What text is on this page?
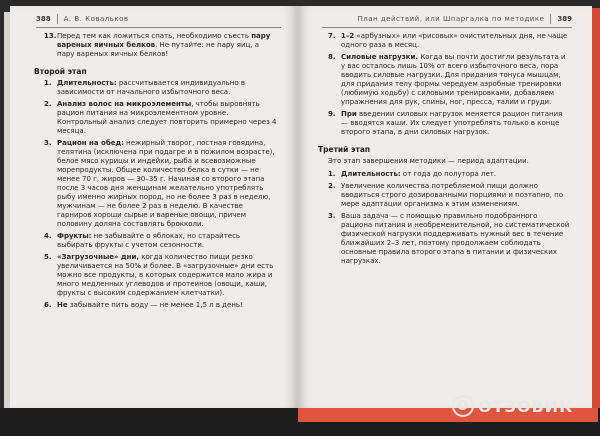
388 А. В. Ковальков
13. Перед тем как ложиться спать, необходимо съесть пару вареных яичных белков. Не путайте: не пару яиц, а пару вареных яичных белков!
Второй этап
1. Длительность: рассчитывается индивидуально в зависимости от начального избыточного веса.
2. Анализ волос на микроэлементы, чтобы выровнять рацион питания на микроэлементном уровне. Контрольный анализ следует повторить примерно через 4 месяца.
3. Рацион на обед: нежирный творог, постная говядина, телятина (исключена при подагре и в пожилом возрасте), белое мясо курицы и индейки, рыба и всевозможные морепродукты. Общее количество белка в сутки — не менее 70 г, жиров — 30–35 г. Начиная со второго этапа после 3 часов дня женщинам желательно употреблять рыбу именно жирных пород, но не более 3 раз в неделю, мужчинам — не более 2 раз в неделю. В качестве гарниров хороши сырые и вареные овощи, причем половину доляна составлять брокколи.
4. Фрукты: не забывайте о яблоках, но старайтесь выбирать фрукты с учетом сезонности.
5. «Загрузочные» дни, когда количество пищи резко увеличивается на 50% и более. В «загрузочные» дни есть можно все продукты, в которых содержится мало жира и много медленных углеводов и протеинов (овощи, каши, фрукты с высоким содержанием клетчатки).
6. Не забывайте пить воду — не менее 1,5 л в день!
План действий, или Шпаргалка по методике 389
7. 1–2 «арбузных» или «рисовых» очистительных дня, не чаще одного раза в месяц.
8. Силовые нагрузки. Когда вы почти достигли результата и у вас осталось лишь 10% от всего избыточного веса, пора вводить силовые нагрузки. Для придания тонуса мышцам, для придания телу формы чередуем аэробные тренировки (любимую ходьбу) с силовыми тренировками, добавляем упражнения для рук, спины, ног, пресса, талии и груди.
9. При введении силовых нагрузок меняется рацион питания — вводятся каши. Их следует употреблять только в конце второго этапа, в дни силовых нагрузок.
Третий этап
Это этап завершения методики — период адаптации.
1. Длительность: от года до полутора лет.
2. Увеличение количества потребляемой пищи должно вводиться строго дозированными порциями и поэтапно, по мере адаптации организма к этим изменениям.
3. Ваша задача — с помощью правильно подобранного рациона питания и необременительной, но систематической физической нагрузки поддерживать нужный вес в течение ближайших 2–3 лет, поэтому продолжаем соблюдать основные правила второго этапа в питании и физических нагрузках.
О ОТЗОВИК
